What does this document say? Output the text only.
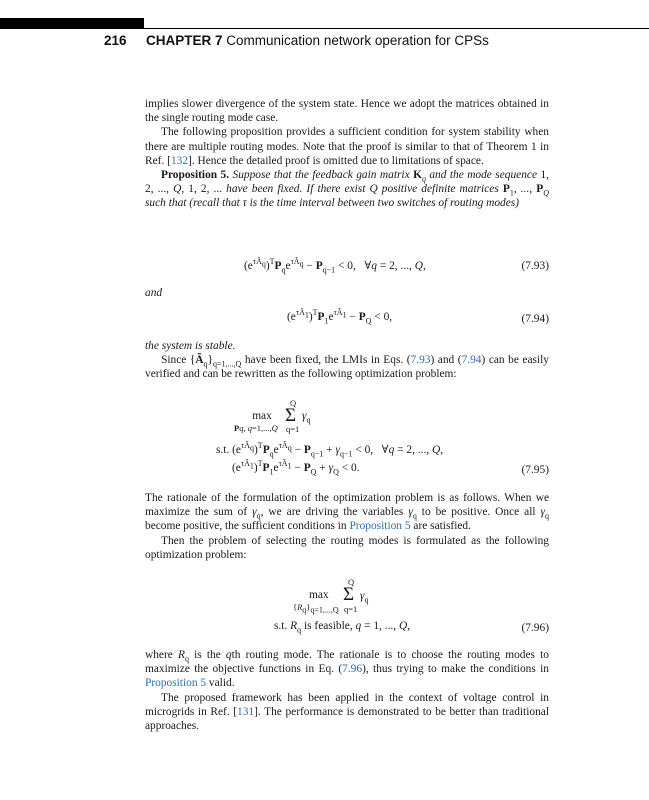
216 CHAPTER 7 Communication network operation for CPSs

implies slower divergence of the system state. Hence we adopt the matrices obtained in the single routing mode case.

The following proposition provides a sufficient condition for system stability when there are multiple routing modes. Note that the proof is similar to that of Theorem 1 in Ref. [132]. Hence the detailed proof is omitted due to limitations of space.

Proposition 5. Suppose that the feedback gain matrix $K_q$ and the mode sequence 1, 2, ..., Q, 1, 2, ... have been fixed. If there exist Q positive definite matrices $P_1$, ..., $P_Q$ such that (recall that τ is the time interval between two switches of routing modes)

$(e^{\tau Ã_q})^TP_qe^{\tau Ã_q} - P_{q-1} < 0$,   ∀q = 2, ..., Q,	(7.93)
and
$(e^{\tau Ã_1})^TP_1e^{\tau Ã_1} - P_Q < 0$,	(7.94)

the system is stable.

Since $\{Ã_q\}_{q=1,...,Q}$ have been fixed, the LMIs in Eqs. (7.93) and (7.94) can be easily verified and can be rewritten as the following optimization problem:

max
Pq, q=1,...,Q
Q
Σ
q=1
$\gamma_q$
s.t. $(e^{\tau Ã_q})^TP_qe^{\tau Ã_q} - P_{q-1} + \gamma_{q-1} < 0$,   ∀q = 2, ..., Q,
$(e^{\tau Ã_1})^TP_1e^{\tau Ã_1} - P_Q + \gamma_Q < 0$.	(7.95)

The rationale of the formulation of the optimization problem is as follows. When we maximize the sum of $\gamma_q$, we are driving the variables $\gamma_q$ to be positive. Once all $\gamma_q$ become positive, the sufficient conditions in Proposition 5 are satisfied.

Then the problem of selecting the routing modes is formulated as the following optimization problem:

max
$\{R_q\}_{q=1,...,Q}$
Q
Σ
q=1
$\gamma_q$
s.t. $R_q$ is feasible, q = 1, ..., Q,	(7.96)

where $R_q$ is the qth routing mode. The rationale is to choose the routing modes to maximize the objective functions in Eq. (7.96), thus trying to make the conditions in Proposition 5 valid.

The proposed framework has been applied in the context of voltage control in microgrids in Ref. [131]. The performance is demonstrated to be better than traditional approaches.
